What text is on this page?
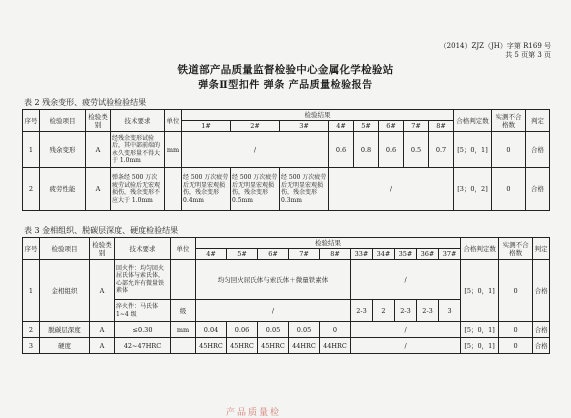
（2014）ZJZ（JH）字第 R169 号
共 5 页第 3 页
铁道部产品质量监督检验中心金属化学检验站
弹条Ⅱ型扣件 弹条 产品质量检验报告
表 2 残余变形、疲劳试验检验结果
序号	检验项目	检验类别	技术要求	单位	检验结果								合格判定数	实测不合格数	判定
					1#	2#	3#	4#	5#	6#	7#	8#			
1	残余变形	A	经残余变形试验后，其中部前端的永久变形量不得大于 1.0mm	mm	/			0.6	0.8	0.6	0.5	0.7	[5；0，1]	0	合格
2	疲劳性能	A	弹条经 500 万次疲劳试验后无宏观损伤，残余变形不应大于 1.0mm		经 500 万次疲劳后无明显宏观损伤，残余变形 0.4mm	经 500 万次疲劳后无明显宏观损伤，残余变形 0.5mm	经 500 万次疲劳后无明显宏观损伤，残余变形 0.3mm	/					[3；0，2]	0	合格
表 3 金相组织、脱碳层深度、硬度检验结果
序号	检验项目	检验类别	技术要求	单位	检验结果										合格判定数	实测不合格数	判定
					4#	5#	6#	7#	8#	33#	34#	35#	36#	37#			
1	金相组织	A	回火件：均匀回火屈氏体与索氏体，心部允许有微量铁素体		均匀回火屈氏体与索氏体＋微量铁素体					/					[5；0，1]	0	合格
			淬火件：马氏体 1~4 级	级	/					2-3	2	2-3	2-3	3			
2	脱碳层深度	A	≤0.30	mm	0.04	0.06	0.05	0.05	0	/					[5；0，1]	0	合格
3	硬度	A	42~47HRC		45HRC	45HRC	45HRC	44HRC	44HRC	/					[5；0，1]	0	合格
产品质量检
